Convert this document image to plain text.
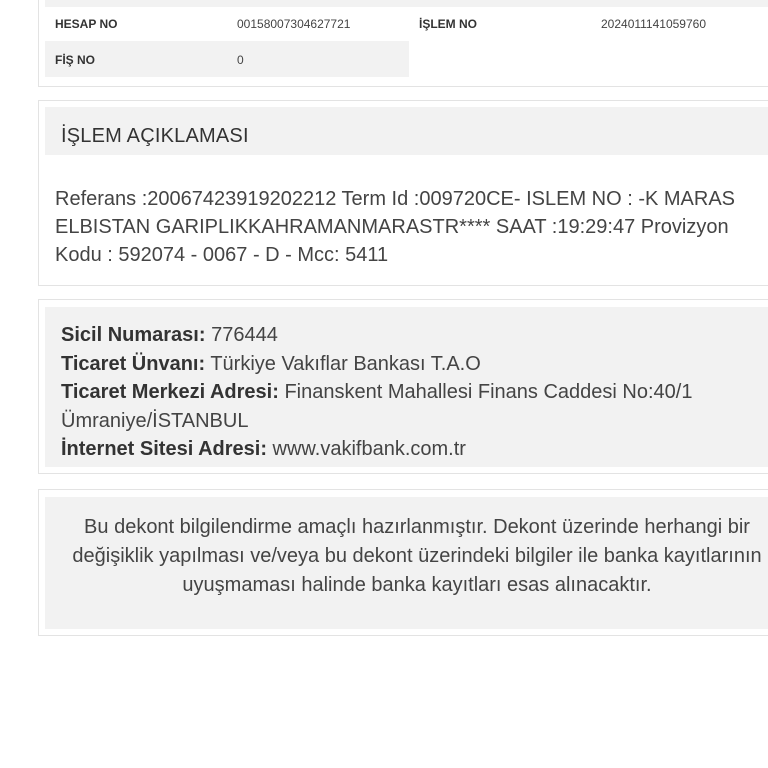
HESAP NO	00158007304627721	İŞLEM NO	2024011141059760
FİŞ NO	0
İŞLEM AÇIKLAMASI
Referans :20067423919202212 Term Id :009720CE- ISLEM NO : -K MARAS ELBISTAN GARIPLIKKAHRAMANMARASTR**** SAAT :19:29:47 Provizyon Kodu : 592074 - 0067 - D - Mcc: 5411
Sicil Numarası: 776444
Ticaret Ünvanı: Türkiye Vakıflar Bankası T.A.O
Ticaret Merkezi Adresi: Finanskent Mahallesi Finans Caddesi No:40/1 Ümraniye/İSTANBUL
İnternet Sitesi Adresi: www.vakifbank.com.tr
Bu dekont bilgilendirme amaçlı hazırlanmıştır. Dekont üzerinde herhangi bir değişiklik yapılması ve/veya bu dekont üzerindeki bilgiler ile banka kayıtlarının uyuşmaması halinde banka kayıtları esas alınacaktır.
